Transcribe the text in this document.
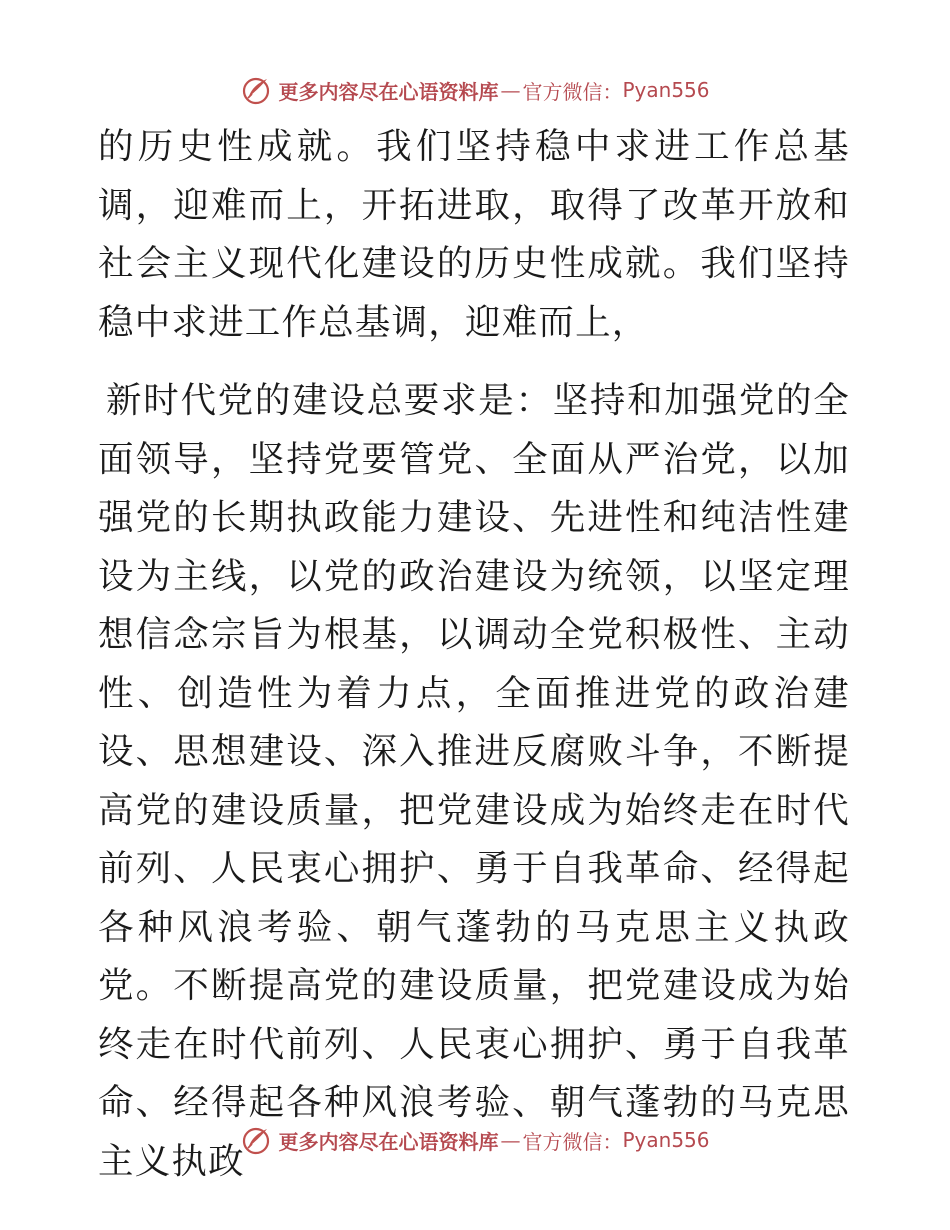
更多内容尽在心语资料库 — 官方微信： Pyan556

的历史性成就。我们坚持稳中求进工作总基调，迎难而上，开拓进取，取得了改革开放和社会主义现代化建设的历史性成就。我们坚持稳中求进工作总基调，迎难而上，

新时代党的建设总要求是：坚持和加强党的全面领导，坚持党要管党、全面从严治党，以加强党的长期执政能力建设、先进性和纯洁性建设为主线，以党的政治建设为统领，以坚定理想信念宗旨为根基，以调动全党积极性、主动性、创造性为着力点，全面推进党的政治建设、思想建设、深入推进反腐败斗争，不断提高党的建设质量，把党建设成为始终走在时代前列、人民衷心拥护、勇于自我革命、经得起各种风浪考验、朝气蓬勃的马克思主义执政党。不断提高党的建设质量，把党建设成为始终走在时代前列、人民衷心拥护、勇于自我革命、经得起各种风浪考验、朝气蓬勃的马克思主义执政	更多内容尽在心语资料库 — 官方微信： Pyan556
